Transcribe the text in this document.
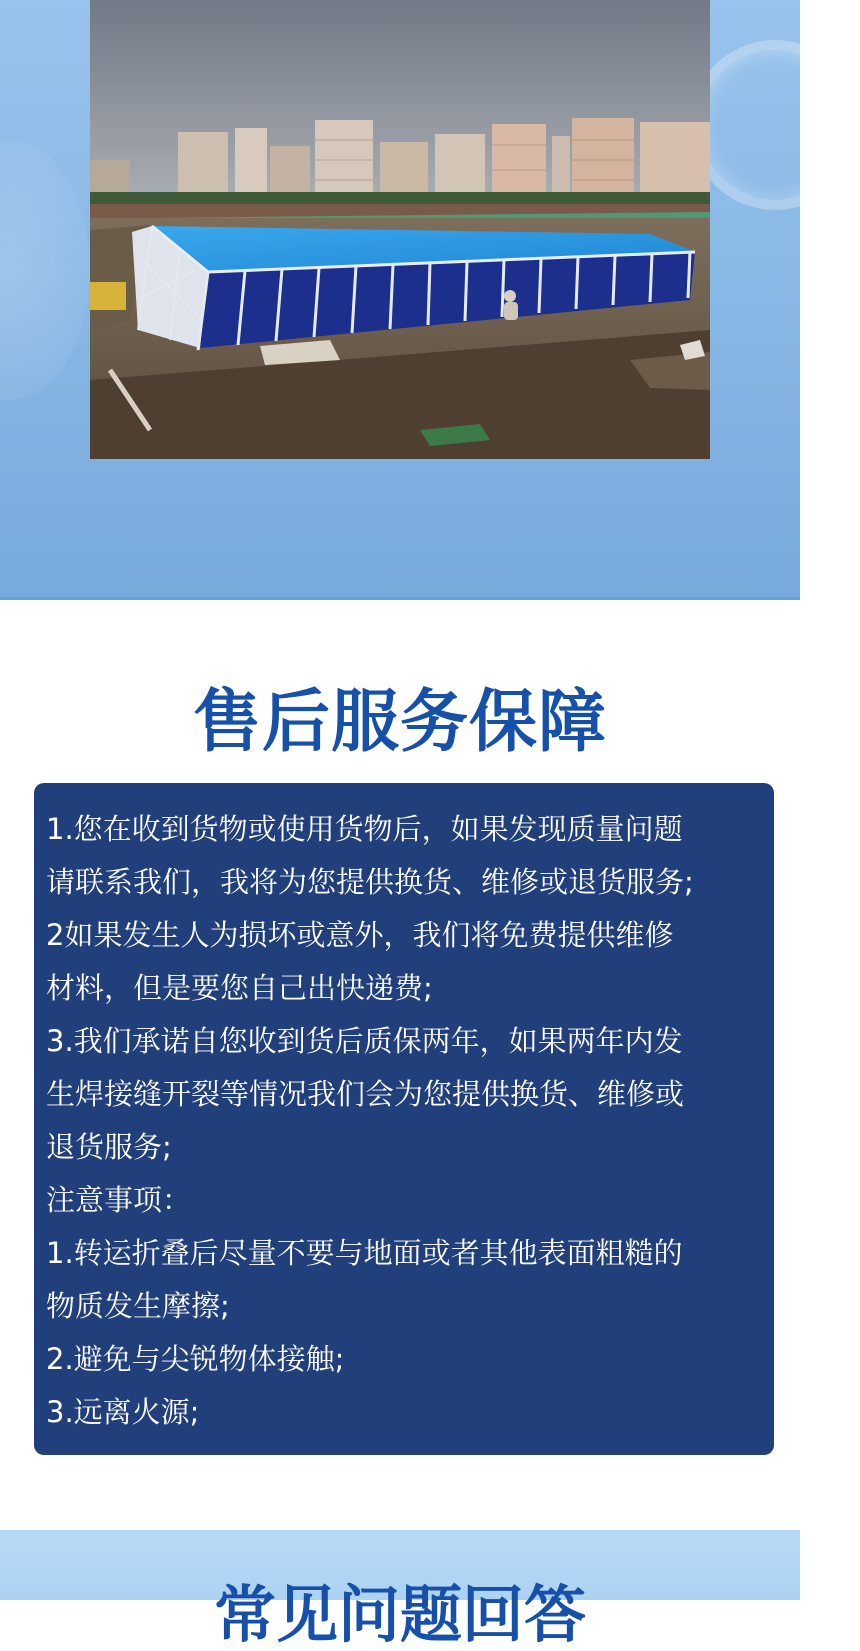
售后服务保障
1.您在收到货物或使用货物后，如果发现质量问题
请联系我们，我将为您提供换货、维修或退货服务;
2如果发生人为损坏或意外，我们将免费提供维修
材料，但是要您自己出快递费;
3.我们承诺自您收到货后质保两年，如果两年内发
生焊接缝开裂等情况我们会为您提供换货、维修或
退货服务;
注意事项：
1.转运折叠后尽量不要与地面或者其他表面粗糙的
物质发生摩擦;
2.避免与尖锐物体接触;
3.远离火源;
常见问题回答
